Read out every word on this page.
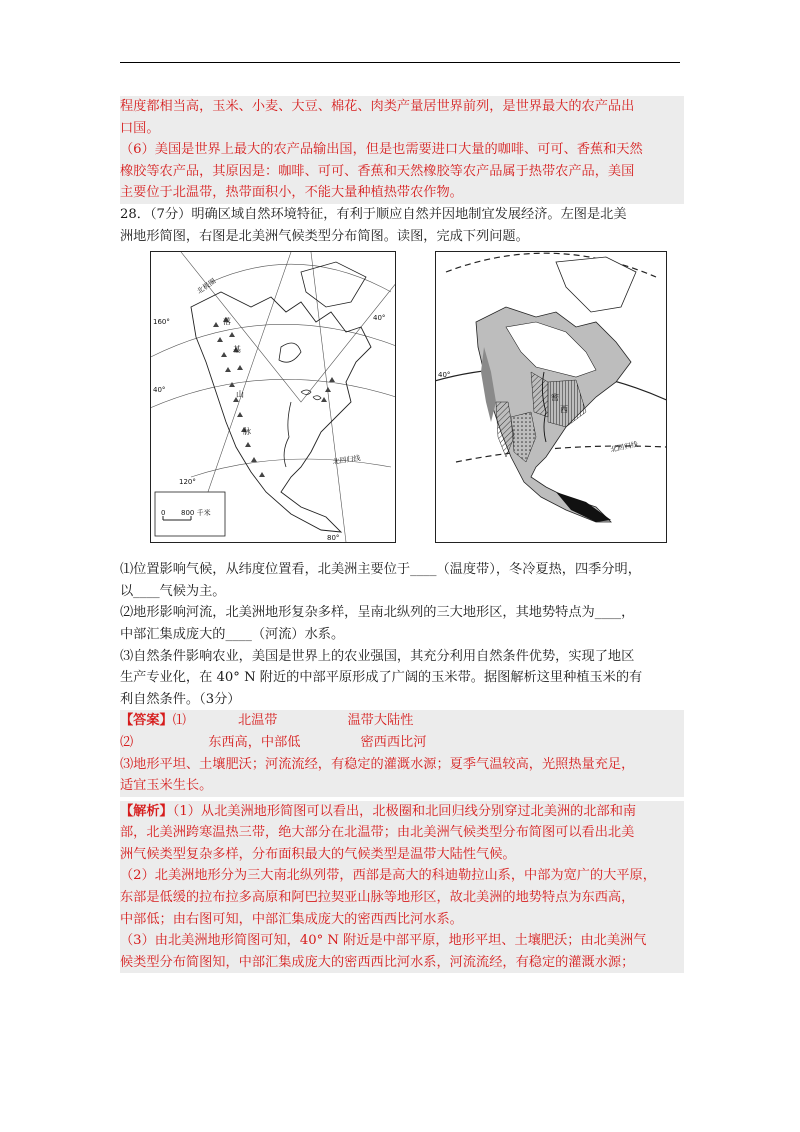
程度都相当高，玉米、小麦、大豆、棉花、肉类产量居世界前列，是世界最大的农产品出

口国。

（6）美国是世界上最大的农产品输出国，但是也需要进口大量的咖啡、可可、香蕉和天然

橡胶等农产品，其原因是：咖啡、可可、香蕉和天然橡胶等农产品属于热带农产品，美国

主要位于北温带，热带面积小，不能大量种植热带农作物。

28．（7分）明确区域自然环境特征，有利于顺应自然并因地制宜发展经济。左图是北美

洲地形简图，右图是北美洲气候类型分布简图。读图，完成下列问题。

0 800 千米
北极圈
160°	40°
40°
120°
80°
北回归线
落
基
山
脉
40°
密
西
北回归线

⑴位置影响气候，从纬度位置看，北美洲主要位于____（温度带），冬冷夏热，四季分明，

以____气候为主。

⑵地形影响河流，北美洲地形复杂多样，呈南北纵列的三大地形区，其地势特点为____，

中部汇集成庞大的____（河流）水系。

⑶自然条件影响农业，美国是世界上的农业强国，其充分利用自然条件优势，实现了地区

生产专业化，在 40° N 附近的中部平原形成了广阔的玉米带。据图解析这里种植玉米的有

利自然条件。（3分）

【答案】⑴	北温带	温带大陆性

⑵	东西高，中部低	密西西比河

⑶地形平坦、土壤肥沃；河流流经，有稳定的灌溉水源；夏季气温较高，光照热量充足，

适宜玉米生长。

【解析】（1）从北美洲地形简图可以看出，北极圈和北回归线分别穿过北美洲的北部和南

部，北美洲跨寒温热三带，绝大部分在北温带；由北美洲气候类型分布简图可以看出北美

洲气候类型复杂多样，分布面积最大的气候类型是温带大陆性气候。

（2）北美洲地形分为三大南北纵列带，西部是高大的科迪勒拉山系，中部为宽广的大平原，

东部是低缓的拉布拉多高原和阿巴拉契亚山脉等地形区，故北美洲的地势特点为东西高，

中部低；由右图可知，中部汇集成庞大的密西西比河水系。

（3）由北美洲地形简图可知，40° N 附近是中部平原，地形平坦、土壤肥沃；由北美洲气

候类型分布简图知，中部汇集成庞大的密西西比河水系，河流流经，有稳定的灌溉水源；
